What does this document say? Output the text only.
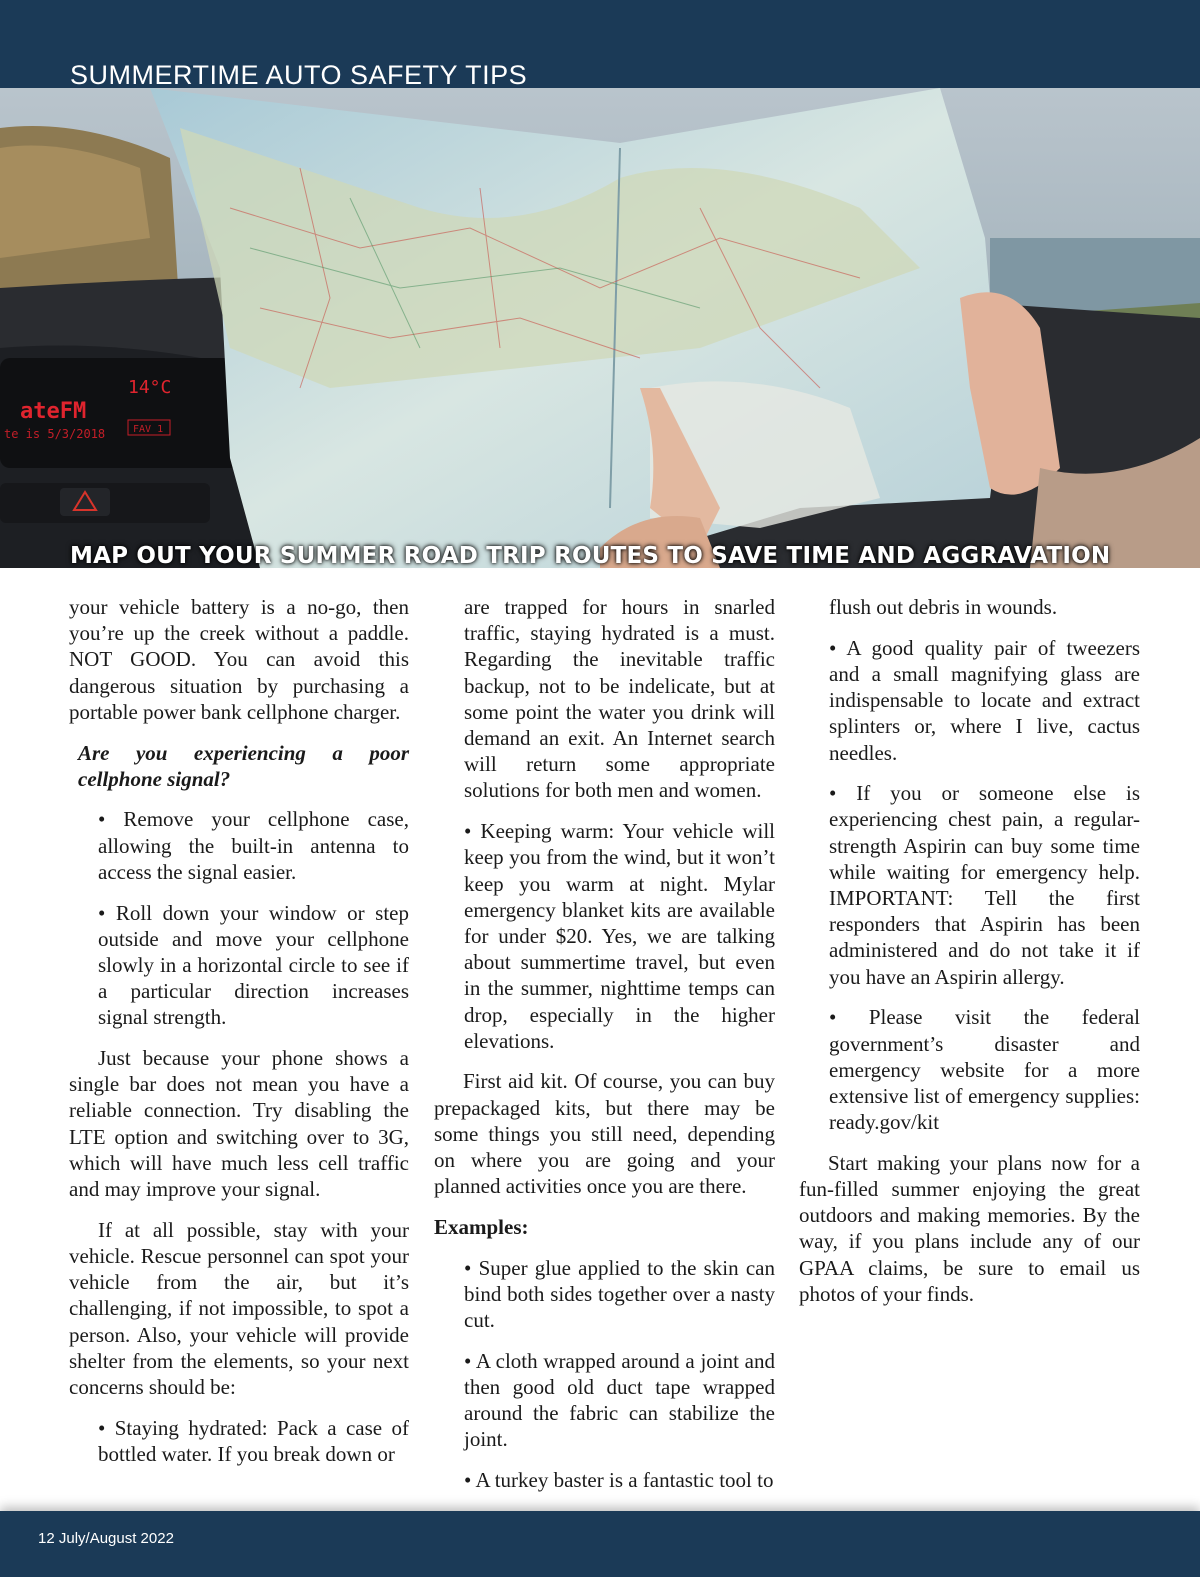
SUMMERTIME AUTO SAFETY TIPS
ateFM
14°C
te is 5/3/2018	FAV 1
MAP OUT YOUR SUMMER ROAD TRIP ROUTES TO SAVE TIME AND AGGRAVATION

your vehicle battery is a no-go, then you’re up the creek without a paddle. NOT GOOD. You can avoid this dangerous situation by purchasing a portable power bank cellphone charger.

Are you experiencing a poor cellphone signal?

• Remove your cellphone case, allowing the built-in antenna to access the signal easier.

• Roll down your window or step outside and move your cellphone slowly in a horizontal circle to see if a particular direction increases signal strength.

Just because your phone shows a single bar does not mean you have a reliable connection. Try disabling the LTE option and switching over to 3G, which will have much less cell traffic and may improve your signal.

If at all possible, stay with your vehicle. Rescue personnel can spot your vehicle from the air, but it’s challenging, if not impossible, to spot a person. Also, your vehicle will provide shelter from the elements, so your next concerns should be:

• Staying hydrated: Pack a case of bottled water. If you break down or

are trapped for hours in snarled traffic, staying hydrated is a must. Regarding the inevitable traffic backup, not to be indelicate, but at some point the water you drink will demand an exit. An Internet search will return some appropriate solutions for both men and women.

• Keeping warm: Your vehicle will keep you from the wind, but it won’t keep you warm at night. Mylar emergency blanket kits are available for under $20. Yes, we are talking about summertime travel, but even in the summer, nighttime temps can drop, especially in the higher elevations.

First aid kit. Of course, you can buy prepackaged kits, but there may be some things you still need, depending on where you are going and your planned activities once you are there.

Examples:

• Super glue applied to the skin can bind both sides together over a nasty cut.

• A cloth wrapped around a joint and then good old duct tape wrapped around the fabric can stabilize the joint.

• A turkey baster is a fantastic tool to

flush out debris in wounds.

• A good quality pair of tweezers and a small magnifying glass are indispensable to locate and extract splinters or, where I live, cactus needles.

• If you or someone else is experiencing chest pain, a regular-strength Aspirin can buy some time while waiting for emergency help. IMPORTANT: Tell the first responders that Aspirin has been administered and do not take it if you have an Aspirin allergy.

• Please visit the federal government’s disaster and emergency website for a more extensive list of emergency supplies: ready.gov/kit

Start making your plans now for a fun-filled summer enjoying the great outdoors and making memories. By the way, if you plans include any of our GPAA claims, be sure to email us photos of your finds.

12 July/August 2022
